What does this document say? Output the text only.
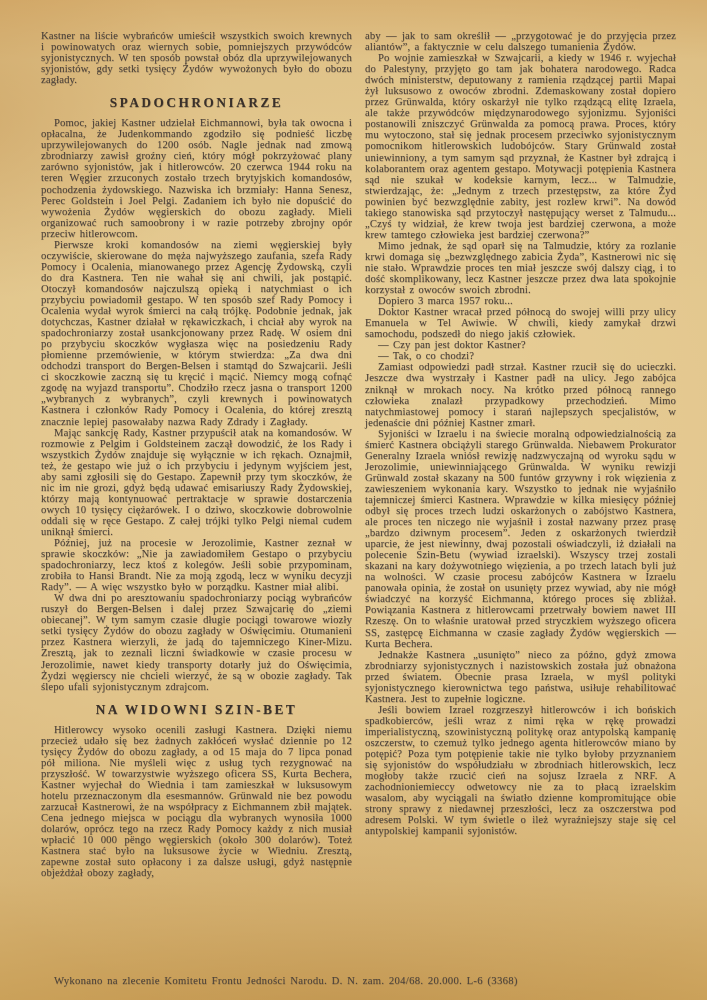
Kastner na liście wybrańców umieścił wszystkich swoich krewnych i powinowatych oraz wiernych sobie, pomniejszych przywódców syjonistycznych. W ten sposób powstał obóz dla uprzywilejowanych syjonistów, gdy setki tysięcy Żydów wywożonych było do obozu zagłady.

SPADOCHRONIARZE

Pomoc, jakiej Kastner udzielał Eichmannowi, była tak owocna i opłacalna, że Judenkommando zgodziło się podnieść liczbę uprzywilejowanych do 1200 osób. Nagle jednak nad zmową zbrodniarzy zawisł groźny cień, który mógł pokrzyżować plany zarówno syjonistów, jak i hitlerowców. 20 czerwca 1944 roku na teren Węgier zrzuconych zostało trzech brytyjskich komandosów, pochodzenia żydowskiego. Nazwiska ich brzmiały: Hanna Senesz, Perec Goldstein i Joel Pelgi. Zadaniem ich było nie dopuścić do wywożenia Żydów węgierskich do obozu zagłady. Mieli organizować ruch samoobrony i w razie potrzeby zbrojny opór przeciw hitlerowcom.

Pierwsze kroki komandosów na ziemi węgierskiej były oczywiście, skierowane do męża najwyższego zaufania, szefa Rady Pomocy i Ocalenia, mianowanego przez Agencję Żydowską, czyli do dra Kastnera. Ten nie wahał się ani chwili, jak postąpić. Otoczył komandosów najczulszą opieką i natychmiast o ich przybyciu powiadomił gestapo. W ten sposób szef Rady Pomocy i Ocalenia wydał wyrok śmierci na całą trójkę. Podobnie jednak, jak dotychczas, Kastner działał w rękawiczkach, i chciał aby wyrok na spadochroniarzy został usankcjonowany przez Radę. W osiem dni po przybyciu skoczków wygłasza więc na posiedzeniu Rady płomienne przemówienie, w którym stwierdza: „Za dwa dni odchodzi transport do Bergen-Belsen i stamtąd do Szwajcarii. Jeśli ci skoczkowie zaczną się tu kręcić i mącić. Niemcy mogą cofnąć zgodę na wyjazd transportu”. Chodziło rzecz jasna o transport 1200 „wybranych z wybranych”, czyli krewnych i powinowatych Kastnera i członków Rady Pomocy i Ocalenia, do której zresztą znacznie lepiej pasowałaby nazwa Rady Zdrady i Zagłady.

Mając sankcję Rady, Kastner przypuścił atak na komandosów. W rozmowie z Pelgim i Goldsteinem zaczął dowodzić, że los Rady i wszystkich Żydów znajduje się wyłącznie w ich rękach. Oznajmił, też, że gestapo wie już o ich przybyciu i jedynym wyjściem jest, aby sami zgłosili się do Gestapo. Zapewnił przy tym skoczków, że nic im nie grozi, gdyż będą udawać emisariuszy Rady Żydowskiej, którzy mają kontynuować pertraktacje w sprawie dostarczenia owych 10 tysięcy ciężarówek. I o dziwo, skoczkowie dobrowolnie oddali się w ręce Gestapo. Z całej trójki tylko Pelgi niemal cudem uniknął śmierci.

Później, już na procesie w Jerozolimie, Kastner zeznał w sprawie skoczków: „Nie ja zawiadomiłem Gestapo o przybyciu spadochroniarzy, lecz ktoś z kolegów. Jeśli sobie przypominam, zrobiła to Hansi Brandt. Nie za moją zgodą, lecz w wyniku decyzji Rady”. — A więc wszystko było w porządku. Kastner miał alibi.

W dwa dni po aresztowaniu spadochroniarzy pociąg wybrańców ruszył do Bergen-Belsen i dalej przez Szwajcarię do „ziemi obiecanej”. W tym samym czasie długie pociągi towarowe wiozły setki tysięcy Żydów do obozu zagłady w Oświęcimiu. Otumanieni przez Kastnera wierzyli, że jadą do tajemniczego Kiner-Mizu. Zresztą, jak to zeznali liczni świadkowie w czasie procesu w Jerozolimie, nawet kiedy transporty dotarły już do Oświęcimia, Żydzi węgierscy nie chcieli wierzyć, że są w obozie zagłady. Tak ślepo ufali syjonistycznym zdrajcom.

NA WIDOWNI SZIN-BET

Hitlerowcy wysoko ocenili zasługi Kastnera. Dzięki niemu przecież udało się bez żadnych zakłóceń wysłać dziennie po 12 tysięcy Żydów do obozu zagłady, a od 15 maja do 7 lipca ponad pół miliona. Nie myśleli więc z usług tych rezygnować na przyszłość. W towarzystwie wyższego oficera SS, Kurta Bechera, Kastner wyjechał do Wiednia i tam zamieszkał w luksusowym hotelu przeznaczonym dla esesmannów. Grünwald nie bez powodu zarzucał Kastnerowi, że na współpracy z Eichmannem zbił majątek. Cena jednego miejsca w pociągu dla wybranych wynosiła 1000 dolarów, oprócz tego na rzecz Rady Pomocy każdy z nich musiał wpłacić 10 000 pëngo węgierskich (około 300 dolarów). Toteż Kastnera stać było na luksusowe życie w Wiedniu. Zresztą, zapewne został suto opłacony i za dalsze usługi, gdyż następnie objeżdżał obozy zagłady,

aby — jak to sam określił — „przygotować je do przyjęcia przez aliantów”, a faktycznie w celu dalszego tumanienia Żydów.

Po wojnie zamieszkał w Szwajcarii, a kiedy w 1946 r. wyjechał do Palestyny, przyjęto go tam jak bohatera narodowego. Radca dwóch ministerstw, deputowany z ramienia rządzącej partii Mapai żył luksusowo z owoców zbrodni. Zdemaskowany został dopiero przez Grünwalda, który oskarżył nie tylko rządzącą elitę Izraela, ale także przywódców międzynarodowego syjonizmu. Syjoniści postanowili zniszczyć Grünwalda za pomocą prawa. Proces, który mu wytoczono, stał się jednak procesem przeciwko syjonistycznym pomocnikom hitlerowskich ludobójców. Stary Grünwald został uniewinniony, a tym samym sąd przyznał, że Kastner był zdrajcą i kolaborantem oraz agentem gestapo. Motywacji potępienia Kastnera sąd nie szukał w kodeksie karnym, lecz... w Talmudzie, stwierdzając, że: „Jednym z trzech przestępstw, za które Żyd powinien być bezwzględnie zabity, jest rozlew krwi”. Na dowód takiego stanowiska sąd przytoczył następujący werset z Talmudu... „Czyś ty widział, że krew twoja jest bardziej czerwona, a może krew tamtego człowieka jest bardziej czerwona?”

Mimo jednak, że sąd oparł się na Talmudzie, który za rozlanie krwi domaga się „bezwzględnego zabicia Żyda”, Kastnerowi nic się nie stało. Wprawdzie proces ten miał jeszcze swój dalszy ciąg, i to dość skomplikowany, lecz Kastner jeszcze przez dwa lata spokojnie korzystał z owoców swoich zbrodni.

Dopiero 3 marca 1957 roku...

Doktor Kastner wracał przed północą do swojej willi przy ulicy Emanuela w Tel Awiwie. W chwili, kiedy zamykał drzwi samochodu, podszedł do niego jakiś człowiek.

— Czy pan jest doktor Kastner?

— Tak, o co chodzi?

Zamiast odpowiedzi padł strzał. Kastner rzucił się do ucieczki. Jeszcze dwa wystrzały i Kastner padł na ulicy. Jego zabójca zniknął w mrokach nocy. Na krótko przed północą rannego człowieka znalazł przypadkowy przechodzień. Mimo natychmiastowej pomocy i starań najlepszych specjalistów, w jedenaście dni później Kastner zmarł.

Syjoniści w Izraelu i na świecie moralną odpowiedzialnością za śmierć Kastnera obciążyli starego Grünwalda. Niebawem Prokurator Generalny Izraela wniósł rewizję nadzwyczajną od wyroku sądu w Jerozolimie, uniewinniającego Grünwalda. W wyniku rewizji Grünwald został skazany na 500 funtów grzywny i rok więzienia z zawieszeniem wykonania kary. Wszystko to jednak nie wyjaśniło tajemniczej śmierci Kastnera. Wprawdzie w kilka miesięcy później odbył się proces trzech ludzi oskarżonych o zabójstwo Kastnera, ale proces ten niczego nie wyjaśnił i został nazwany przez prasę „bardzo dziwnym procesem”. Jeden z oskarżonych twierdził uparcie, że jest niewinny, dwaj pozostali oświadczyli, iż działali na polecenie Szin-Betu (wywiad izraelski). Wszyscy trzej zostali skazani na kary dożywotniego więzienia, a po trzech latach byli już na wolności. W czasie procesu zabójców Kastnera w Izraelu panowała opinia, że został on usunięty przez wywiad, aby nie mógł świadczyć na korzyść Eichmanna, którego proces się zbliżał. Powiązania Kastnera z hitlerowcami przetrwały bowiem nawet III Rzeszę. On to właśnie uratował przed stryczkiem wyższego oficera SS, zastępcę Eichmanna w czasie zagłady Żydów węgierskich — Kurta Bechera.

Jednakże Kastnera „usunięto” nieco za późno, gdyż zmowa zbrodniarzy syjonistycznych i nazistowskich została już obnażona przed światem. Obecnie prasa Izraela, w myśl polityki syjonistycznego kierownictwa tego państwa, usiłuje rehabilitować Kastnera. Jest to zupełnie logiczne.

Jeśli bowiem Izrael rozgrzeszył hitlerowców i ich bońskich spadkobierców, jeśli wraz z nimi ręka w rękę prowadzi imperialistyczną, szowinistyczną politykę oraz antypolską kampanię oszczerstw, to czemuż tylko jednego agenta hitlerowców miano by potępić? Poza tym potępienie takie nie tylko byłoby przyznaniem się syjonistów do współudziału w zbrodniach hitlerowskich, lecz mogłoby także rzucić cień na sojusz Izraela z NRF. A zachodnioniemieccy odwetowcy nie za to płacą izraelskim wasalom, aby wyciągali na światło dzienne kompromitujące obie strony sprawy z niedawnej przeszłości, lecz za oszczerstwa pod adresem Polski. W tym świetle o ileż wyraźniejszy staje się cel antypolskiej kampanii syjonistów.

Wykonano na zlecenie Komitetu Frontu Jedności Narodu. D. N. zam. 204/68. 20.000. L-6 (3368)
